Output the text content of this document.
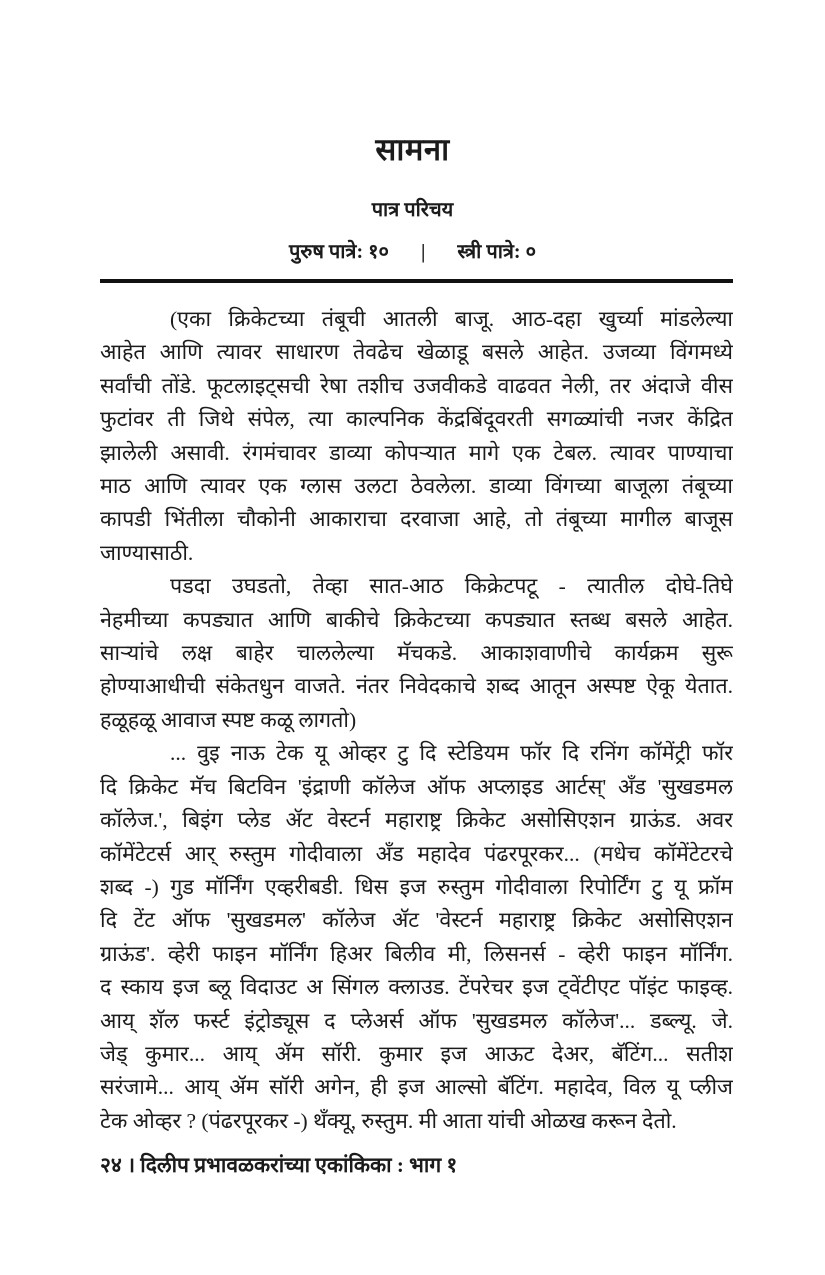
सामना
पात्र परिचय
पुरुष पात्रे: १० | स्त्री पात्रे: ०
(एका क्रिकेटच्या तंबूची आतली बाजू. आठ-दहा खुर्च्या मांडलेल्या
आहेत आणि त्यावर साधारण तेवढेच खेळाडू बसले आहेत. उजव्या विंगमध्ये
सर्वांची तोंडे. फूटलाइट्सची रेषा तशीच उजवीकडे वाढवत नेली, तर अंदाजे वीस
फुटांवर ती जिथे संपेल, त्या काल्पनिक केंद्रबिंदूवरती सगळ्यांची नजर केंद्रित
झालेली असावी. रंगमंचावर डाव्या कोपऱ्यात मागे एक टेबल. त्यावर पाण्याचा
माठ आणि त्यावर एक ग्लास उलटा ठेवलेला. डाव्या विंगच्या बाजूला तंबूच्या
कापडी भिंतीला चौकोनी आकाराचा दरवाजा आहे, तो तंबूच्या मागील बाजूस
जाण्यासाठी.
पडदा उघडतो, तेव्हा सात-आठ किक्रेटपटू - त्यातील दोघे-तिघे
नेहमीच्या कपड्यात आणि बाकीचे क्रिकेटच्या कपड्यात स्तब्ध बसले आहेत.
साऱ्यांचे लक्ष बाहेर चाललेल्या मॅचकडे. आकाशवाणीचे कार्यक्रम सुरू
होण्याआधीची संकेतधुन वाजते. नंतर निवेदकाचे शब्द आतून अस्पष्ट ऐकू येतात.
हळूहळू आवाज स्पष्ट कळू लागतो)
... वुइ नाऊ टेक यू ओव्हर टु दि स्टेडियम फॉर दि रनिंग कॉमेंट्री फॉर
दि क्रिकेट मॅच बिटविन 'इंद्राणी कॉलेज ऑफ अप्लाइड आर्टस्' अँड 'सुखडमल
कॉलेज.', बिइंग प्लेड ॲट वेस्टर्न महाराष्ट्र क्रिकेट असोसिएशन ग्राऊंड. अवर
कॉमेंटेटर्स आर् रुस्तुम गोदीवाला अँड महादेव पंढरपूरकर... (मधेच कॉमेंटेटरचे
शब्द -) गुड मॉर्निंग एव्हरीबडी. धिस इज रुस्तुम गोदीवाला रिपोर्टिंग टु यू फ्रॉम
दि टेंट ऑफ 'सुखडमल' कॉलेज ॲट 'वेस्टर्न महाराष्ट्र क्रिकेट असोसिएशन
ग्राऊंड'. व्हेरी फाइन मॉर्निंग हिअर बिलीव मी, लिसनर्स - व्हेरी फाइन मॉर्निंग.
द स्काय इज ब्लू विदाउट अ सिंगल क्लाउड. टेंपरेचर इज ट्वेंटीएट पॉइंट फाइव्ह.
आय् शॅल फर्स्ट इंट्रोड्यूस द प्लेअर्स ऑफ 'सुखडमल कॉलेज'... डब्ल्यू. जे.
जेड् कुमार... आय् ॲम सॉरी. कुमार इज आऊट देअर, बॅटिंग... सतीश
सरंजामे... आय् ॲम सॉरी अगेन, ही इज आल्सो बॅटिंग. महादेव, विल यू प्लीज
टेक ओव्हर ? (पंढरपूरकर -) थँक्यू, रुस्तुम. मी आता यांची ओळख करून देतो.
२४ । दिलीप प्रभावळकरांच्या एकांकिका : भाग १
